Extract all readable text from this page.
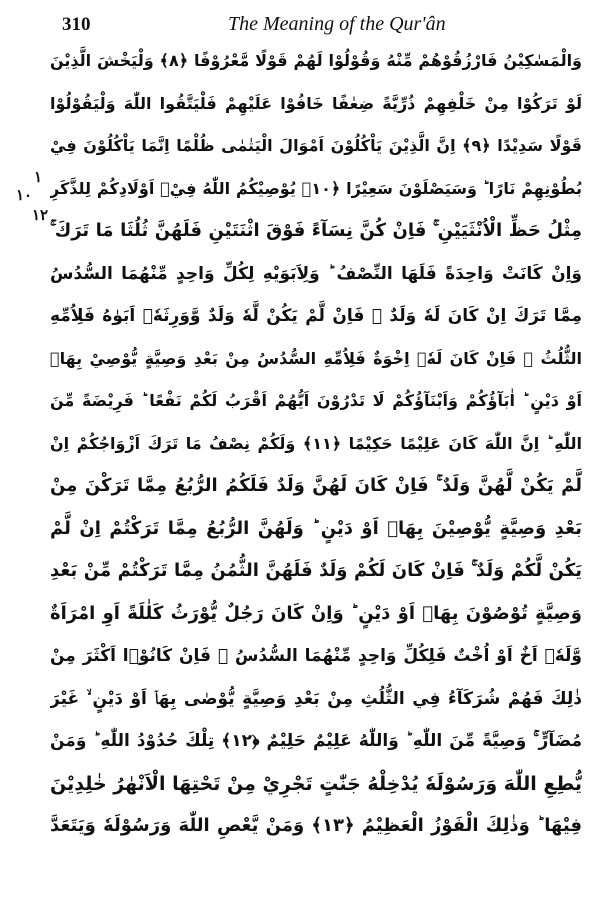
310	The Meaning of the Qur'ân
١
١٠
١٢
وَالْمَسٰكِيْنُ فَارْزُقُوْهُمْ مِّنْهُ وَقُوْلُوْا لَهُمْ قَوْلًا مَّعْرُوْفًا ﴿٨﴾ وَلْيَخْشَ الَّذِيْنَ
لَوْ تَرَكُوْا مِنْ خَلْفِهِمْ ذُرِّيَّةً ضِعٰفًا خَافُوْا عَلَيْهِمْ فَلْيَتَّقُوا اللّٰهَ وَلْيَقُوْلُوْا
قَوْلًا سَدِيْدًا ﴿٩﴾ اِنَّ الَّذِيْنَ يَاْكُلُوْنَ اَمْوَالَ الْيَتٰمٰى ظُلْمًا اِنَّمَا يَاْكُلُوْنَ فِيْ
بُطُوْنِهِمْ نَارًا ؕ وَسَيَصْلَوْنَ سَعِيْرًا ﴿١٠﴾ يُوْصِيْكُمُ اللّٰهُ فِيْۤ اَوْلَادِكُمْ لِلذَّكَرِ
مِثْلُ حَظِّ الْاُنْثَيَيْنِ ۚ فَاِنْ كُنَّ نِسَآءً فَوْقَ اثْنَتَيْنِ فَلَهُنَّ ثُلُثَا مَا تَرَكَ ۚ
وَاِنْ كَانَتْ وَاحِدَةً فَلَهَا النِّصْفُ ؕ وَلِاَبَوَيْهِ لِكُلِّ وَاحِدٍ مِّنْهُمَا السُّدُسُ
مِمَّا تَرَكَ اِنْ كَانَ لَهٗ وَلَدٌ ۚ فَاِنْ لَّمْ يَكُنْ لَّهٗ وَلَدٌ وَّوَرِثَهٗۤ اَبَوٰهُ فَلِاُمِّهِ
الثُّلُثُ ۚ فَاِنْ كَانَ لَهٗۤ اِخْوَةٌ فَلِاُمِّهِ السُّدُسُ مِنْ بَعْدِ وَصِيَّةٍ يُّوْصِيْ بِهَاۤ
اَوْ دَيْنٍ ؕ اٰبَآؤُكُمْ وَاَبْنَآؤُكُمْ لَا تَدْرُوْنَ اَيُّهُمْ اَقْرَبُ لَكُمْ نَفْعًا ؕ فَرِيْضَةً مِّنَ
اللّٰهِ ؕ اِنَّ اللّٰهَ كَانَ عَلِيْمًا حَكِيْمًا ﴿١١﴾ وَلَكُمْ نِصْفُ مَا تَرَكَ اَزْوَاجُكُمْ اِنْ
لَّمْ يَكُنْ لَّهُنَّ وَلَدٌ ۚ فَاِنْ كَانَ لَهُنَّ وَلَدٌ فَلَكُمُ الرُّبُعُ مِمَّا تَرَكْنَ مِنْ
بَعْدِ وَصِيَّةٍ يُّوْصِيْنَ بِهَاۤ اَوْ دَيْنٍ ؕ وَلَهُنَّ الرُّبُعُ مِمَّا تَرَكْتُمْ اِنْ لَّمْ
يَكُنْ لَّكُمْ وَلَدٌ ۚ فَاِنْ كَانَ لَكُمْ وَلَدٌ فَلَهُنَّ الثُّمُنُ مِمَّا تَرَكْتُمْ مِّنْ بَعْدِ
وَصِيَّةٍ تُوْصُوْنَ بِهَاۤ اَوْ دَيْنٍ ؕ وَاِنْ كَانَ رَجُلٌ يُّوْرَثُ كَلٰلَةً اَوِ امْرَاَةٌ
وَّلَهٗۤ اَخٌ اَوْ اُخْتٌ فَلِكُلِّ وَاحِدٍ مِّنْهُمَا السُّدُسُ ۚ فَاِنْ كَانُوْۤا اَكْثَرَ مِنْ
ذٰلِكَ فَهُمْ شُرَكَآءُ فِي الثُّلُثِ مِنْ بَعْدِ وَصِيَّةٍ يُّوْصٰى بِهَاۤ اَوْ دَيْنٍ ۙ غَيْرَ
مُضَآرٍّ ۚ وَصِيَّةً مِّنَ اللّٰهِ ؕ وَاللّٰهُ عَلِيْمٌ حَلِيْمٌ ﴿١٢﴾ تِلْكَ حُدُوْدُ اللّٰهِ ؕ وَمَنْ
يُّطِعِ اللّٰهَ وَرَسُوْلَهٗ يُدْخِلْهُ جَنّٰتٍ تَجْرِيْ مِنْ تَحْتِهَا الْاَنْهٰرُ خٰلِدِيْنَ
فِيْهَا ؕ وَذٰلِكَ الْفَوْزُ الْعَظِيْمُ ﴿١٣﴾ وَمَنْ يَّعْصِ اللّٰهَ وَرَسُوْلَهٗ وَيَتَعَدَّ
